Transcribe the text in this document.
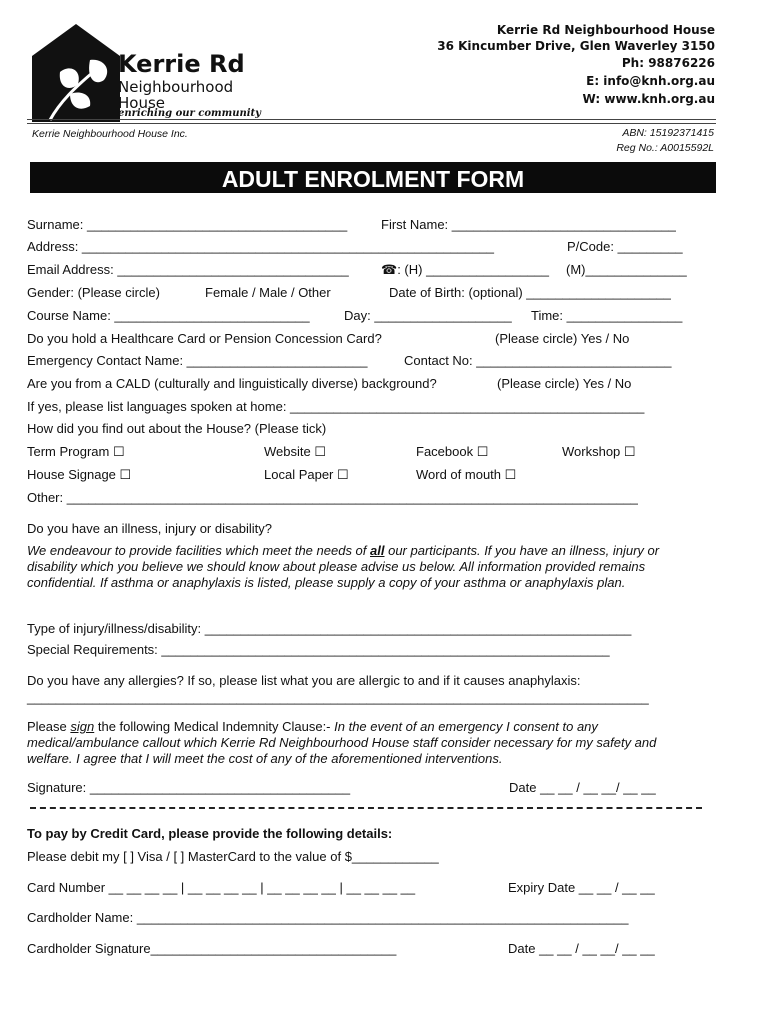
Kerrie Rd
Neighbourhood
House
enriching our community
Kerrie Rd Neighbourhood House
36 Kincumber Drive, Glen Waverley 3150
Ph: 98876226
E: info@knh.org.au
W: www.knh.org.au
Kerrie Neighbourhood House Inc.	ABN: 15192371415
Reg No.: A0015592L
ADULT ENROLMENT FORM
Surname: ____________________________________	First Name: _______________________________
Address: _________________________________________________________	P/Code: _________
Email Address: ________________________________ ☎: (H) _________________ (M)______________
Gender: (Please circle)	Female / Male / Other	Date of Birth: (optional) ____________________
Course Name: ___________________________	Day: ___________________ Time: ________________
Do you hold a Healthcare Card or Pension Concession Card?	(Please circle) Yes / No
Emergency Contact Name: _________________________	Contact No: ___________________________
Are you from a CALD (culturally and linguistically diverse) background?	(Please circle) Yes / No
If yes, please list languages spoken at home: _________________________________________________
How did you find out about the House? (Please tick)
Term Program ☐	Website ☐	Facebook ☐	Workshop ☐
House Signage ☐	Local Paper ☐	Word of mouth ☐
Other: _______________________________________________________________________________
Do you have an illness, injury or disability?
We endeavour to provide facilities which meet the needs of all our participants. If you have an illness, injury or disability which you believe we should know about please advise us below. All information provided remains confidential. If asthma or anaphylaxis is listed, please supply a copy of your asthma or anaphylaxis plan.
Type of injury/illness/disability: ___________________________________________________________
Special Requirements: ______________________________________________________________
Do you have any allergies? If so, please list what you are allergic to and if it causes anaphylaxis:
______________________________________________________________________________________
Please sign the following Medical Indemnity Clause:- In the event of an emergency I consent to any medical/ambulance callout which Kerrie Rd Neighbourhood House staff consider necessary for my safety and welfare. I agree that I will meet the cost of any of the aforementioned interventions.
Signature: ____________________________________	Date __ __ / __ __/ __ __
To pay by Credit Card, please provide the following details:
Please debit my [ ] Visa / [ ] MasterCard to the value of $____________
Card Number __ __ __ __ | __ __ __ __ | __ __ __ __ | __ __ __ __	Expiry Date __ __ / __ __
Cardholder Name: ____________________________________________________________________
Cardholder Signature__________________________________	Date __ __ / __ __/ __ __
